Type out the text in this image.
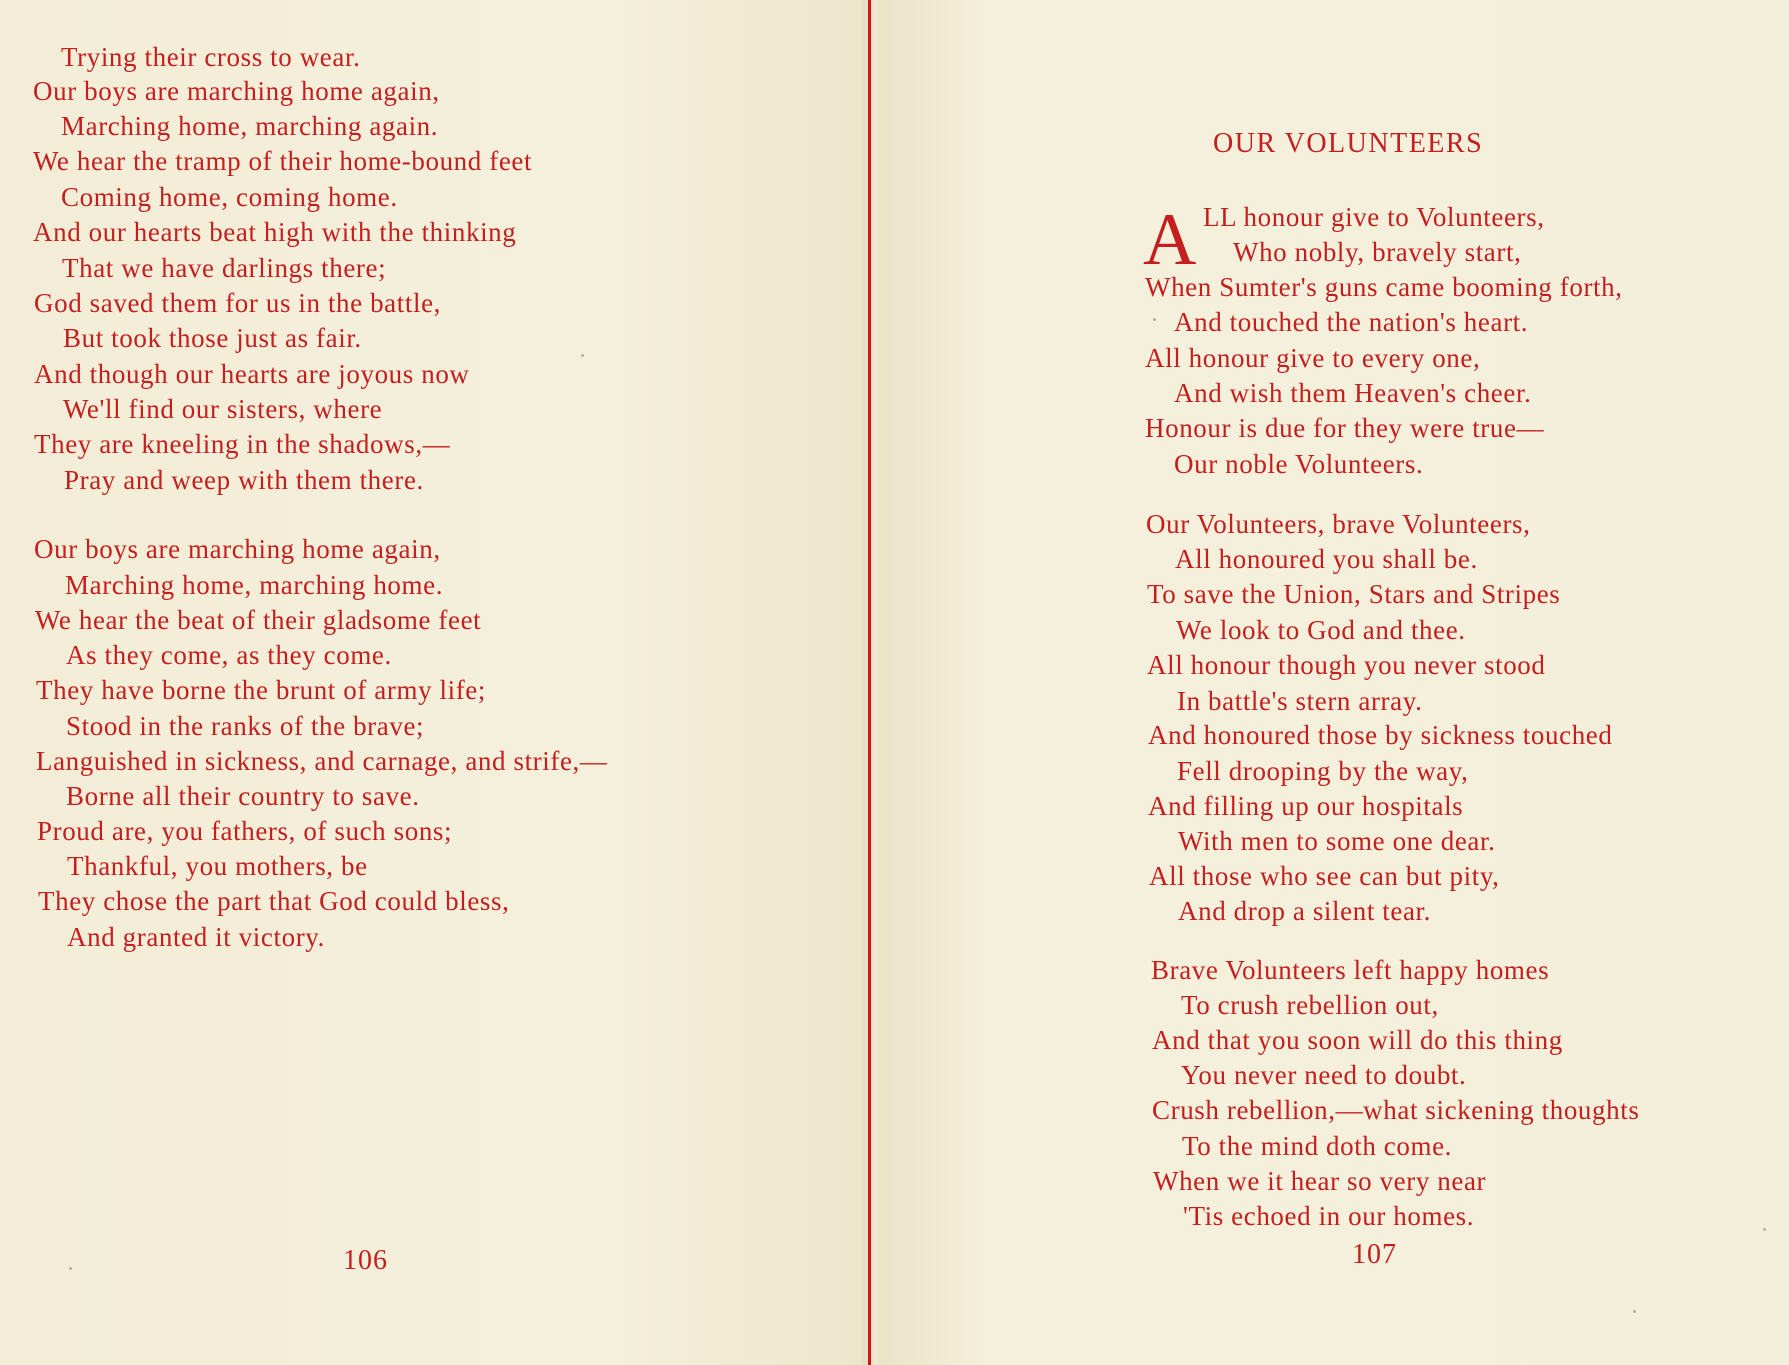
Trying their cross to wear.
Our boys are marching home again,
Marching home, marching again.
We hear the tramp of their home-bound feet
Coming home, coming home.
And our hearts beat high with the thinking
That we have darlings there;
God saved them for us in the battle,
But took those just as fair.
And though our hearts are joyous now
We'll find our sisters, where
They are kneeling in the shadows,—
Pray and weep with them there.
Our boys are marching home again,
Marching home, marching home.
We hear the beat of their gladsome feet
As they come, as they come.
They have borne the brunt of army life;
Stood in the ranks of the brave;
Languished in sickness, and carnage, and strife,—
Borne all their country to save.
Proud are, you fathers, of such sons;
Thankful, you mothers, be
They chose the part that God could bless,
And granted it victory.
106
OUR VOLUNTEERS
A LL honour give to Volunteers,
Who nobly, bravely start,
When Sumter's guns came booming forth,
And touched the nation's heart.
All honour give to every one,
And wish them Heaven's cheer.
Honour is due for they were true—
Our noble Volunteers.
Our Volunteers, brave Volunteers,
All honoured you shall be.
To save the Union, Stars and Stripes
We look to God and thee.
All honour though you never stood
In battle's stern array.
And honoured those by sickness touched
Fell drooping by the way,
And filling up our hospitals
With men to some one dear.
All those who see can but pity,
And drop a silent tear.
Brave Volunteers left happy homes
To crush rebellion out,
And that you soon will do this thing
You never need to doubt.
Crush rebellion,—what sickening thoughts
To the mind doth come.
When we it hear so very near
'Tis echoed in our homes.
107
